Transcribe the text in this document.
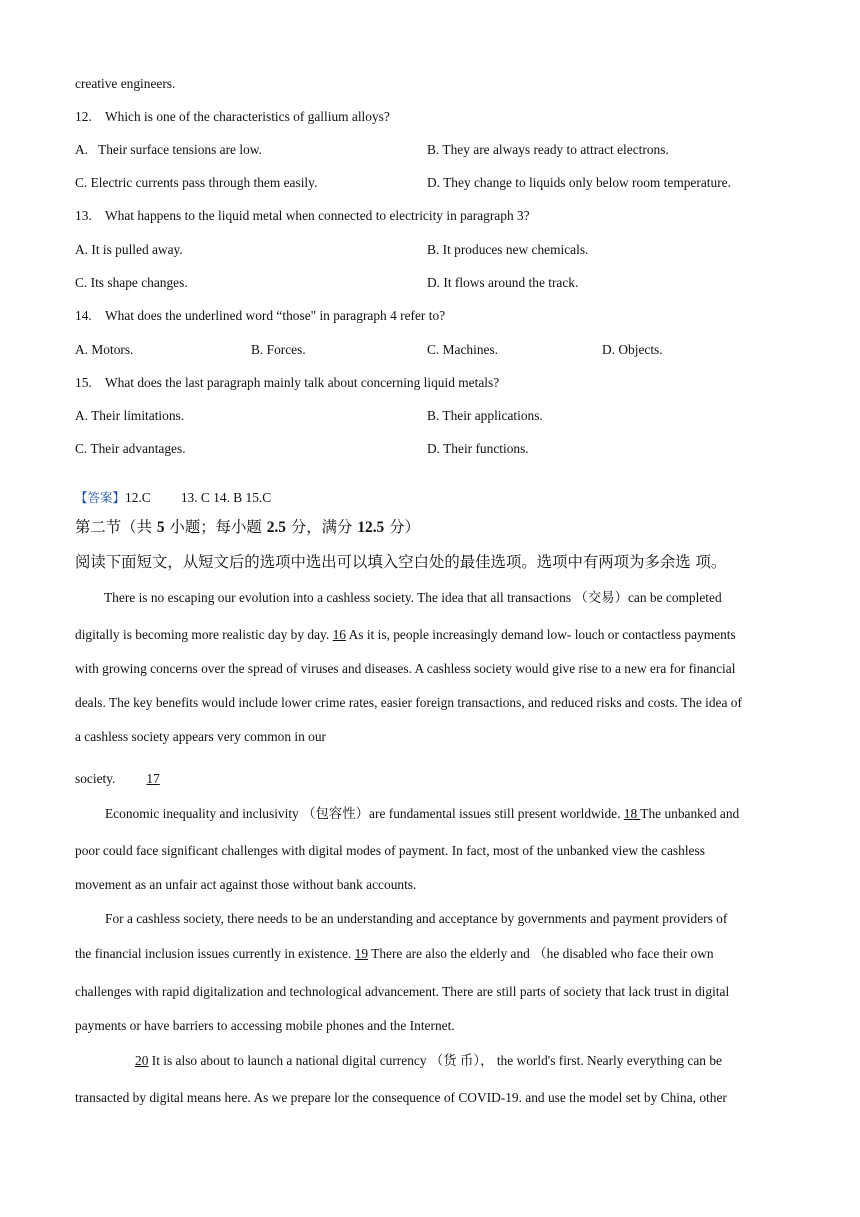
creative engineers.
12. Which is one of the characteristics of gallium alloys?
A.   Their surface tensions are low.	B. They are always ready to attract electrons.
C. Electric currents pass through them easily.	D. They change to liquids only below room temperature.
13. What happens to the liquid metal when connected to electricity in paragraph 3?
A. It is pulled away.	B. It produces new chemicals.
C. Its shape changes.	D. It flows around the track.
14. What does the underlined word “those" in paragraph 4 refer to?
A. Motors.	B. Forces.	C. Machines.	D. Objects.
15. What does the last paragraph mainly talk about concerning liquid metals?
A. Their limitations.	B. Their applications.
C. Their advantages.	D. Their functions.
【答案】12.C         13. C 14. B 15.C
第二节（共 5 小题；每小题 2.5 分，满分 12.5 分）
阅读下面短文，从短文后的选项中选出可以填入空白处的最佳选项。选项中有两项为多余选 项。
There is no escaping our evolution into a cashless society. The idea that all transactions （交易）can be completed
digitally is becoming more realistic day by day. 16 As it is, people increasingly demand low- louch or contactless payments
with growing concerns over the spread of viruses and diseases. A cashless society would give rise to a new era for financial
deals. The key benefits would include lower crime rates, easier foreign transactions, and reduced risks and costs. The idea of
a cashless society appears very common in our
society. 17
Economic inequality and inclusivity （包容性）are fundamental issues still present worldwide. 18 The unbanked and
poor could face significant challenges with digital modes of payment. In fact, most of the unbanked view the cashless
movement as an unfair act against those without bank accounts.
For a cashless society, there needs to be an understanding and acceptance by governments and payment providers of
the financial inclusion issues currently in existence. 19 There are also the elderly and （he disabled who face their own
challenges with rapid digitalization and technological advancement. There are still parts of society that lack trust in digital
payments or have barriers to accessing mobile phones and the Internet.
20 It is also about to launch a national digital currency （货 币）， the world's first. Nearly everything can be
transacted by digital means here. As we prepare lor the consequence of COVID-19. and use the model set by China, other
